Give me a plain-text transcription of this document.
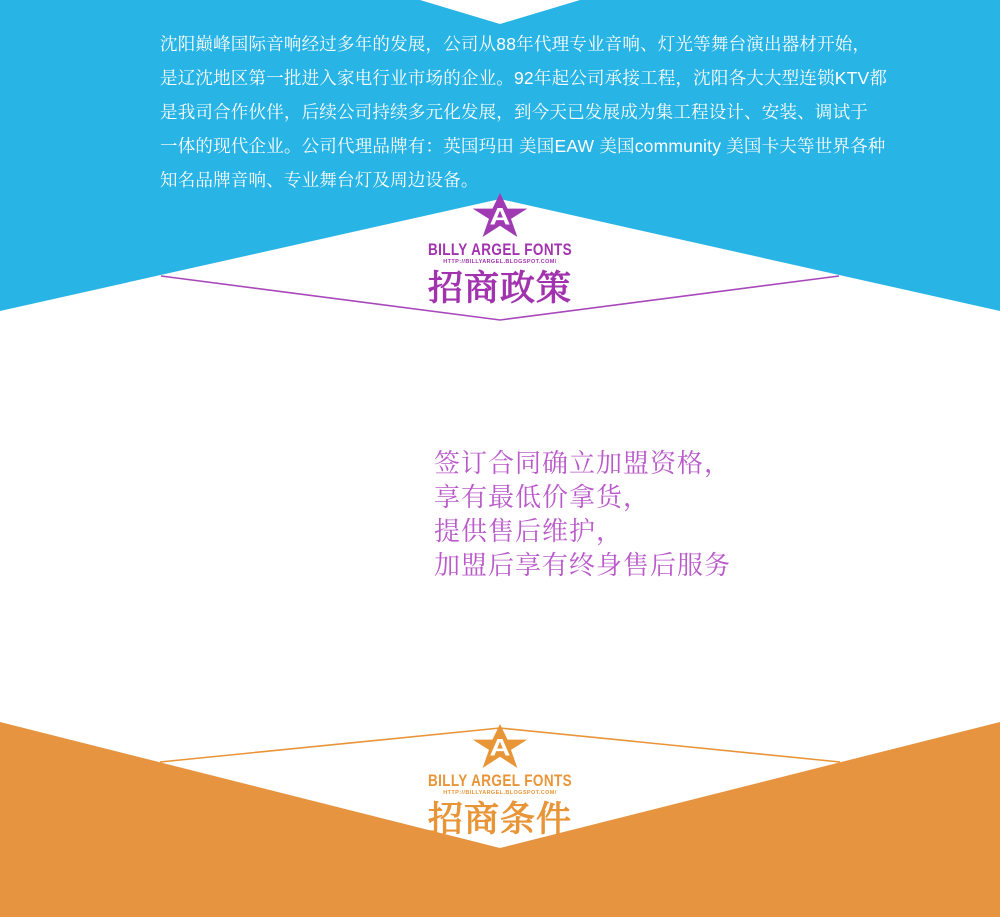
沈阳巅峰国际音响经过多年的发展，公司从88年代理专业音响、灯光等舞台演出器材开始，
是辽沈地区第一批进入家电行业市场的企业。92年起公司承接工程，沈阳各大大型连锁KTV都
是我司合作伙伴，后续公司持续多元化发展，到今天已发展成为集工程设计、安装、调试于
一体的现代企业。公司代理品牌有：英国玛田 美国EAW 美国community 美国卡夫等世界各种
知名品牌音响、专业舞台灯及周边设备。
A
BILLY ARGEL FONTS
HTTP://BILLYARGEL.BLOGSPOT.COM/
招商政策
签订合同确立加盟资格，
享有最低价拿货，
提供售后维护，
加盟后享有终身售后服务
A
BILLY ARGEL FONTS
HTTP://BILLYARGEL.BLOGSPOT.COM/
招商条件
